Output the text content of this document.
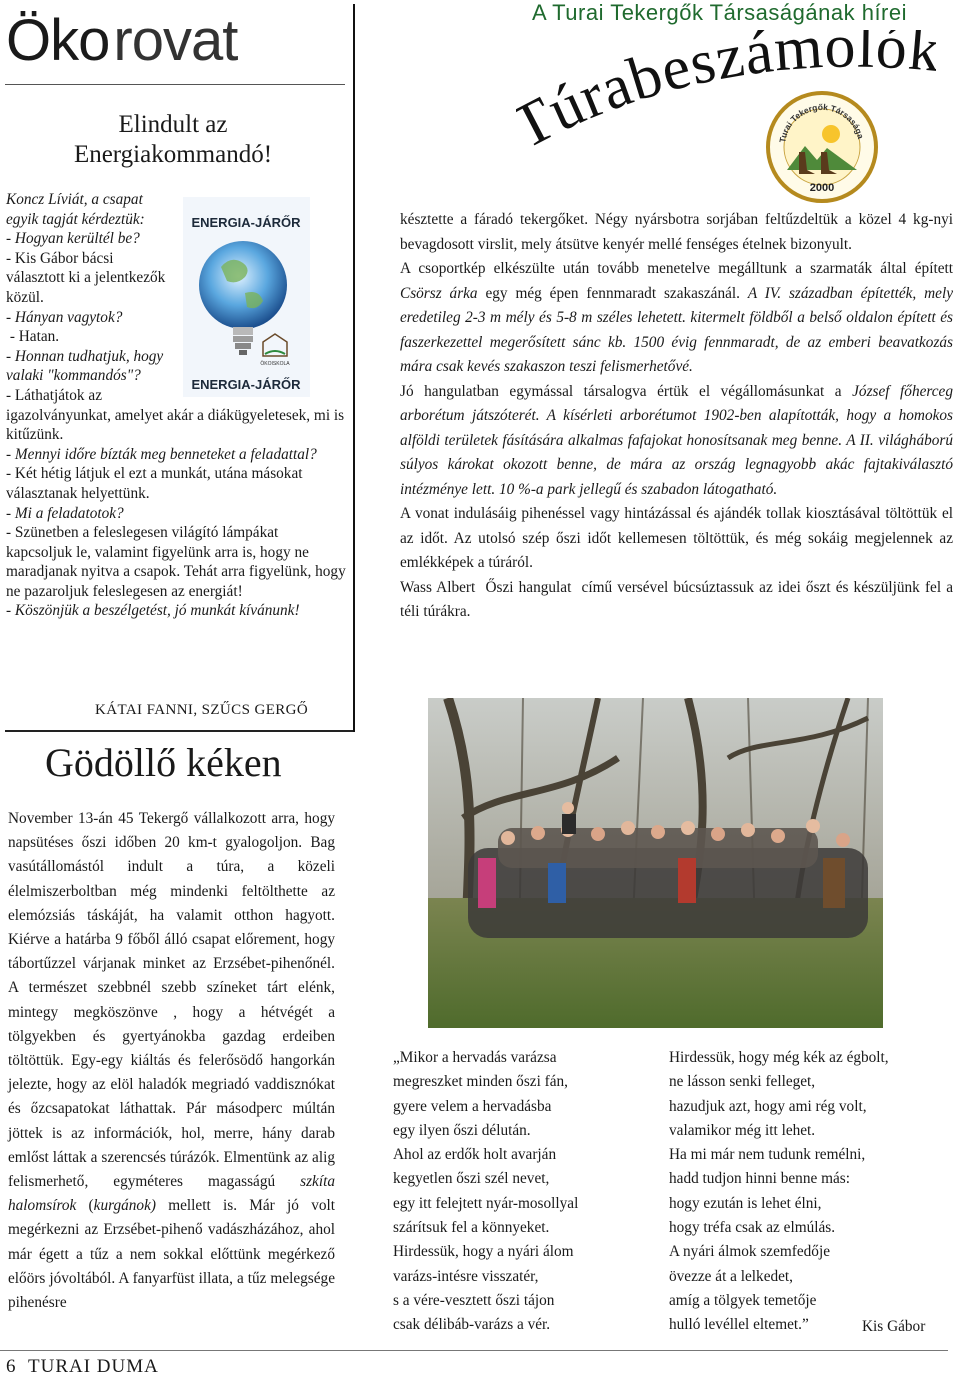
Ökorovat
Elindult az
Energiakommandó!
ENERGIA-JÁRŐR
ÖKOISKOLA
ENERGIA-JÁRŐR

Koncz Líviát, a csapat egyik tagját kérdeztük:

- Hogyan kerültél be?

- Kis Gábor bácsi választott ki a jelentkezők közül.

- Hányan vagytok?

- Hatan.

- Honnan tudhatjuk, hogy valaki "kommandós"?

- Láthatjátok az igazolványunkat, amelyet akár a diákügyeletesek, mi is kitűzünk.

- Mennyi időre bízták meg benneteket a feladattal?

- Két hétig látjuk el ezt a munkát, utána másokat választanak helyettünk.

- Mi a feladatotok?

- Szünetben a feleslegesen világító lámpákat kapcsoljuk le, valamint figyelünk arra is, hogy ne maradjanak nyitva a csapok. Tehát arra figyelünk, hogy ne pazaroljuk feleslegesen az energiát!

- Köszönjük a beszélgetést, jó munkát kívánunk!

KÁTAI FANNI, SZŰCS GERGŐ
Gödöllő kéken
November 13-án 45 Tekergő vállalkozott arra, hogy napsütéses őszi időben 20 km-t gyalogoljon. Bag vasútállomástól indult a túra, a közeli élelmiszerboltban még mindenki feltölthette az elemózsiás táskáját, ha valamit otthon hagyott. Kiérve a határba 9 főből álló csapat előrement, hogy tábortűzzel várjanak minket az Erzsébet-pihenőnél. A természet szebbnél szebb színeket tárt elénk, mintegy megköszönve , hogy a hétvégét a tölgyekben és gyertyánokba gazdag erdeiben töltöttük. Egy-egy kiáltás és felerősödő hangorkán jelezte, hogy az elöl haladók megriadó vaddisznókat és őzcsapatokat láthattak. Pár másodperc múltán jöttek is az információk, hol, merre, hány darab emlőst láttak a szerencsés túrázók. Elmentünk az alig felismerhető, egyméteres magasságú szkíta halomsírok (kurgánok) mellett is. Már jó volt megérkezni az Erzsébet-pihenő vadászházához, ahol már égett a tűz a nem sokkal előttünk megérkező előörs jóvoltából. A fanyarfüst illata, a tűz melegsége pihenésre
A Turai Tekergők Társaságának hírei
úrabeszámoló
Turai Tekergők Társasága
2000

késztette a fáradó tekergőket. Négy nyársbotra sorjában feltűzdeltük a közel 4 kg-nyi bevagdosott virslit, mely átsütve kenyér mellé fenséges ételnek bizonyult.

A csoportkép elkészülte után tovább menetelve megálltunk a szarmaták által épített Csörsz árka egy még épen fennmaradt szakaszánál. A IV. században építették, mely eredetileg 2-3 m mély és 5-8 m széles lehetett. kitermelt földből a belső oldalon épített és faszerkezettel megerősített sánc kb. 1500 évig fennmaradt, de az emberi beavatkozás mára csak kevés szakaszon teszi felismerhetővé.

Jó hangulatban egymással társalogva értük el végállomásunkat a József főherceg arborétum játszóterét. A kísérleti arborétumot 1902-ben alapították, hogy a homokos alföldi területek fásítására alkalmas fafajokat honosítsanak meg benne. A II. világháború súlyos károkat okozott benne, de mára az ország legnagyobb akác fajtakiválasztó intézménye lett. 10 %-a park jellegű és szabadon látogatható.

A vonat indulásáig pihenéssel vagy hintázással és ajándék tollak kiosztásával töltöttük el az időt. Az utolsó szép őszi időt kellemesen töltöttük, és még sokáig megjelennek az emlékképek a túráról.

Wass Albert  Őszi hangulat  című versével búcsúztassuk az idei őszt és készüljünk fel a téli túrákra.

„Mikor a hervadás varázsa
megreszket minden őszi fán,
gyere velem a hervadásba
egy ilyen őszi délután.
Ahol az erdők holt avarján
kegyetlen őszi szél nevet,
egy itt felejtett nyár-mosollyal
szárítsuk fel a könnyeket.
Hirdessük, hogy a nyári álom
varázs-intésre visszatér,
s a vére-vesztett őszi tájon
csak délibáb-varázs a vér.
Hirdessük, hogy még kék az égbolt,
ne lásson senki felleget,
hazudjuk azt, hogy ami rég volt,
valamikor még itt lehet.
Ha mi már nem tudunk remélni,
hadd tudjon hinni benne más:
hogy ezután is lehet élni,
hogy tréfa csak az elmúlás.
A nyári álmok szemfedője
övezze át a lelkedet,
amíg a tölgyek temetője
hulló levéllel eltemet.”	Kis Gábor
6 TURAI DUMA
